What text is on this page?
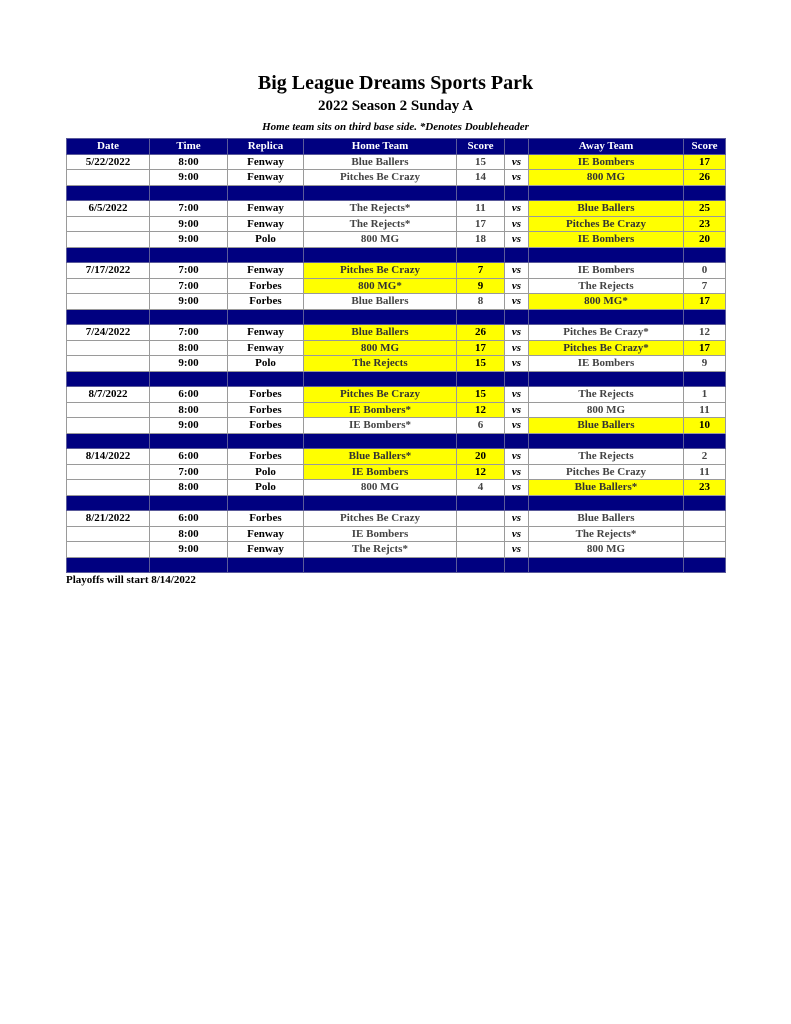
Big League Dreams Sports Park
2022 Season 2 Sunday A
Home team sits on third base side. *Denotes Doubleheader
Date	Time	Replica	Home Team	Score		Away Team	Score
5/22/2022	8:00	Fenway	Blue Ballers	15	vs	IE Bombers	17
	9:00	Fenway	Pitches Be Crazy	14	vs	800 MG	26

6/5/2022	7:00	Fenway	The Rejects*	11	vs	Blue Ballers	25
	9:00	Fenway	The Rejects*	17	vs	Pitches Be Crazy	23
	9:00	Polo	800 MG	18	vs	IE Bombers	20

7/17/2022	7:00	Fenway	Pitches Be Crazy	7	vs	IE Bombers	0
	7:00	Forbes	800 MG*	9	vs	The Rejects	7
	9:00	Forbes	Blue Ballers	8	vs	800 MG*	17

7/24/2022	7:00	Fenway	Blue Ballers	26	vs	Pitches Be Crazy*	12
	8:00	Fenway	800 MG	17	vs	Pitches Be Crazy*	17
	9:00	Polo	The Rejects	15	vs	IE Bombers	9

8/7/2022	6:00	Forbes	Pitches Be Crazy	15	vs	The Rejects	1
	8:00	Forbes	IE Bombers*	12	vs	800 MG	11
	9:00	Forbes	IE Bombers*	6	vs	Blue Ballers	10

8/14/2022	6:00	Forbes	Blue Ballers*	20	vs	The Rejects	2
	7:00	Polo	IE Bombers	12	vs	Pitches Be Crazy	11
	8:00	Polo	800 MG	4	vs	Blue Ballers*	23

8/21/2022	6:00	Forbes	Pitches Be Crazy		vs	Blue Ballers	
	8:00	Fenway	IE Bombers		vs	The Rejects*	
	9:00	Fenway	The Rejcts*		vs	800 MG	

Playoffs will start 8/14/2022
